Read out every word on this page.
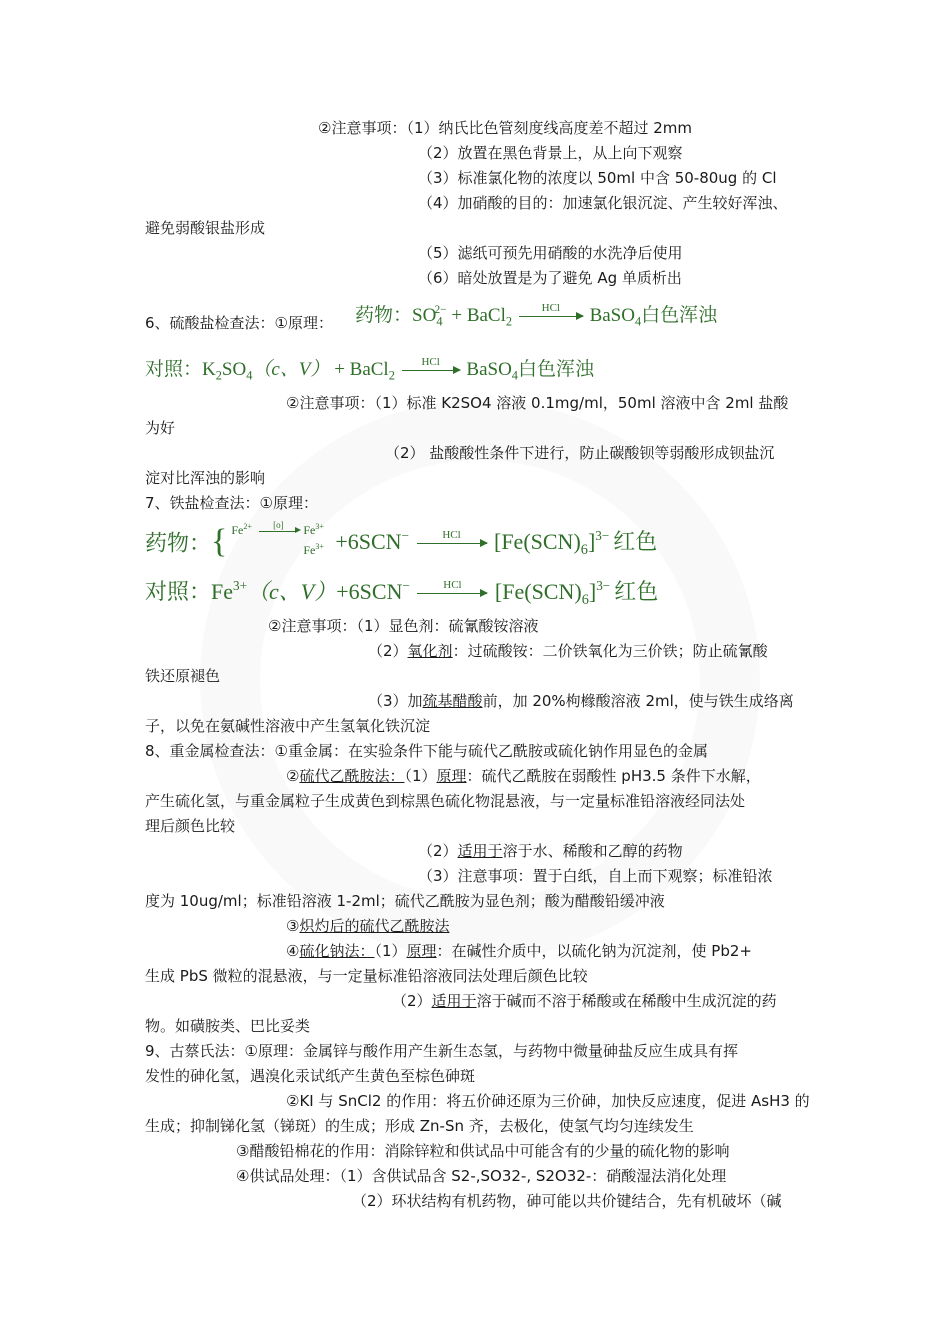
②注意事项：（1）纳氏比色管刻度线高度差不超过 2mm
（2）放置在黑色背景上，从上向下观察
（3）标准氯化物的浓度以 50ml 中含 50-80ug 的 Cl
（4）加硝酸的目的：加速氯化银沉淀、产生较好浑浊、
避免弱酸银盐形成
（5）滤纸可预先用硝酸的水洗净后使用
（6）暗处放置是为了避免 Ag 单质析出
6、硫酸盐检查法：①原理： 药物：$SO_4^{2-}$ + BaCl$_2$
HCl	BaSO$_4$白色浑浊
对照：$K_2SO_4(c$、V） + BaCl$_2$
HCl	BaSO$_4$白色浑浊
②注意事项：（1）标准 K2SO4 溶液 0.1mg/ml，50ml 溶液中含 2ml 盐酸
为好
（2） 盐酸酸性条件下进行，防止碳酸钡等弱酸形成钡盐沉
淀对比浑浊的影响
7、铁盐检查法：①原理：
药物：{ $Fe^{2+}$	[o]	$Fe^{3+}$
$Fe^{3+} +6SCN^-$	HCl	$[Fe(SCN)_6]^{3-}$ 红色
对照：$Fe^{3+}(c$、V）+6SCN−	HCl	$[Fe(SCN)_6]^{3-}$ 红色
②注意事项：（1）显色剂：硫氰酸铵溶液
（2）氧化剂：过硫酸铵：二价铁氧化为三价铁；防止硫氰酸
铁还原褪色
（3）加巯基醋酸前，加 20%枸橼酸溶液 2ml，使与铁生成络离
子，以免在氨碱性溶液中产生氢氧化铁沉淀
8、重金属检查法：①重金属：在实验条件下能与硫代乙酰胺或硫化钠作用显色的金属
②硫代乙酰胺法：（1）原理：硫代乙酰胺在弱酸性 pH3.5 条件下水解，
产生硫化氢，与重金属粒子生成黄色到棕黑色硫化物混悬液，与一定量标准铅溶液经同法处
理后颜色比较
（2）适用于溶于水、稀酸和乙醇的药物
（3）注意事项：置于白纸，自上而下观察；标准铅浓
度为 10ug/ml；标准铅溶液 1-2ml；硫代乙酰胺为显色剂；酸为醋酸铅缓冲液
③炽灼后的硫代乙酰胺法
④硫化钠法：（1）原理：在碱性介质中，以硫化钠为沉淀剂，使 Pb2+
生成 PbS 微粒的混悬液，与一定量标准铅溶液同法处理后颜色比较
（2）适用于溶于碱而不溶于稀酸或在稀酸中生成沉淀的药
物。如磺胺类、巴比妥类
9、古蔡氏法：①原理：金属锌与酸作用产生新生态氢，与药物中微量砷盐反应生成具有挥
发性的砷化氢，遇溴化汞试纸产生黄色至棕色砷斑
②KI 与 SnCl2 的作用：将五价砷还原为三价砷，加快反应速度，促进 AsH3 的
生成；抑制锑化氢（锑斑）的生成；形成 Zn-Sn 齐，去极化，使氢气均匀连续发生
③醋酸铅棉花的作用：消除锌粒和供试品中可能含有的少量的硫化物的影响
④供试品处理：（1）含供试品含 S2-,SO32-, S2O32-：硝酸湿法消化处理
（2）环状结构有机药物，砷可能以共价键结合，先有机破坏（碱
